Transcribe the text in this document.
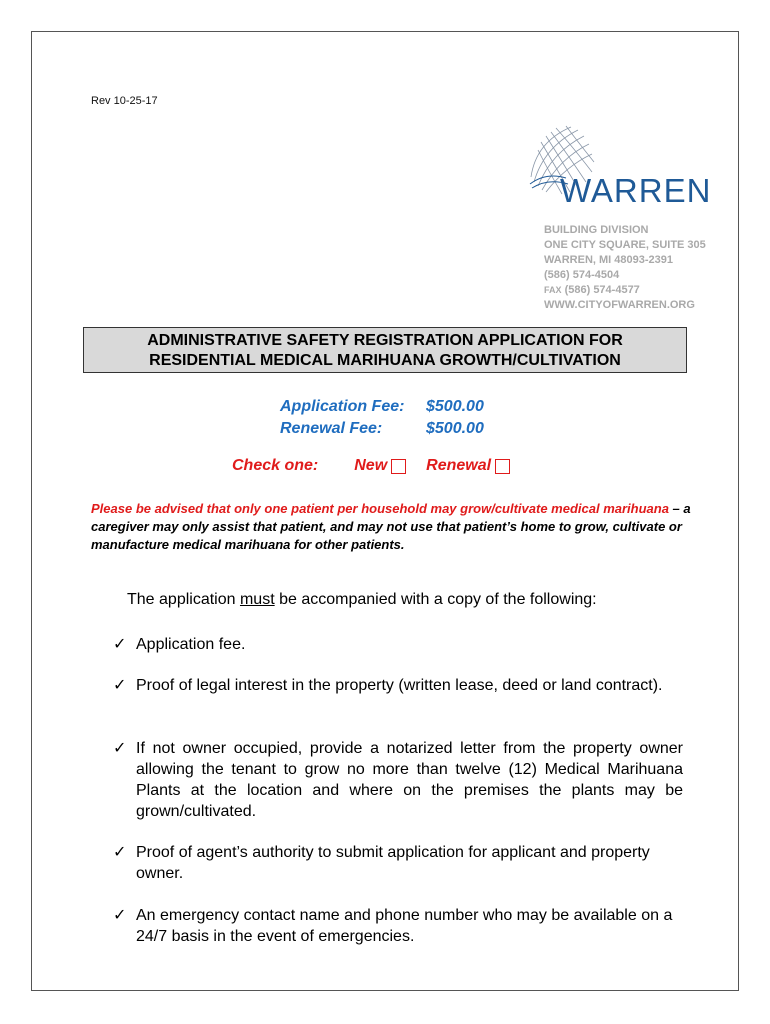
Rev 10-25-17
WARREN
BUILDING DIVISION
ONE CITY SQUARE, SUITE 305
WARREN, MI 48093-2391
(586) 574-4504
FAX (586) 574-4577
WWW.CITYOFWARREN.ORG
ADMINISTRATIVE SAFETY REGISTRATION APPLICATION FOR
RESIDENTIAL MEDICAL MARIHUANA GROWTH/CULTIVATION
Application Fee:	$500.00
Renewal Fee:	$500.00
Check one: New Renewal
Please be advised that only one patient per household may grow/cultivate medical marihuana – a caregiver may only assist that patient, and may not use that patient’s home to grow, cultivate or manufacture medical marihuana for other patients.
The application must be accompanied with a copy of the following:
✓ Application fee.
✓ Proof of legal interest in the property (written lease, deed or land contract).
✓ If not owner occupied, provide a notarized letter from the property owner allowing the tenant to grow no more than twelve (12) Medical Marihuana Plants at the location and where on the premises the plants may be grown/cultivated.
✓ Proof of agent’s authority to submit application for applicant and property owner.
✓ An emergency contact name and phone number who may be available on a 24/7 basis in the event of emergencies.
